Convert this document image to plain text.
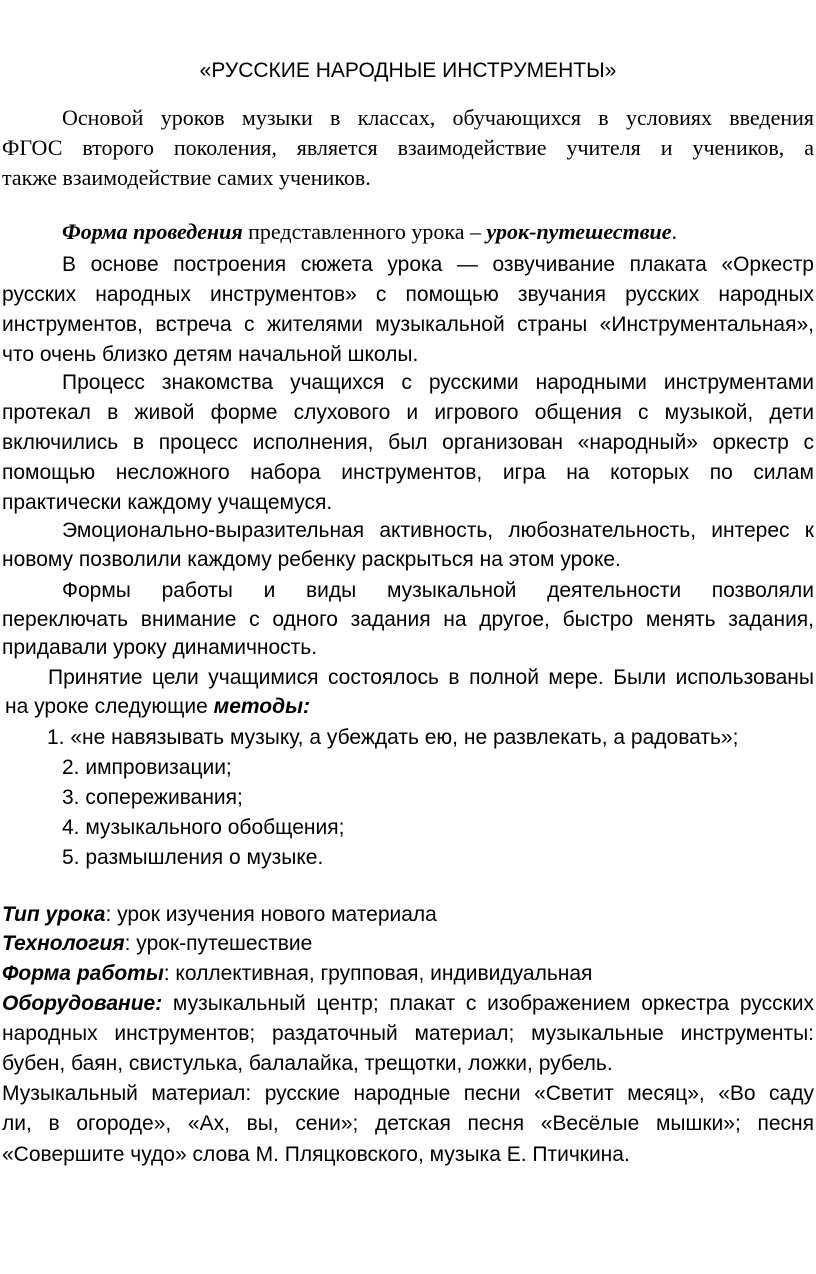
«РУССКИЕ НАРОДНЫЕ ИНСТРУМЕНТЫ»
Основой уроков музыки в классах, обучающихся в условиях введения
ФГОС второго поколения, является взаимодействие учителя и учеников, а
также взаимодействие самих учеников.
Форма проведения представленного урока – урок-путешествие.
В основе построения сюжета урока — озвучивание плаката «Оркестр
русских народных инструментов» с помощью звучания русских народных
инструментов, встреча с жителями музыкальной страны «Инструментальная»,
что очень близко детям начальной школы.
Процесс знакомства учащихся с русскими народными инструментами
протекал в живой форме слухового и игрового общения с музыкой, дети
включились в процесс исполнения, был организован «народный» оркестр с
помощью несложного набора инструментов, игра на которых по силам
практически каждому учащемуся.
Эмоционально-выразительная активность, любознательность, интерес к
новому позволили каждому ребенку раскрыться на этом уроке.
Формы работы и виды музыкальной деятельности позволяли
переключать внимание с одного задания на другое, быстро менять задания,
придавали уроку динамичность.
Принятие цели учащимися состоялось в полной мере. Были использованы
на уроке следующие методы:
1. «не навязывать музыку, а убеждать ею, не развлекать, а радовать»;
2. импровизации;
3. сопереживания;
4. музыкального обобщения;
5. размышления о музыке.
Тип урока: урок изучения нового материала
Технология: урок-путешествие
Форма работы: коллективная, групповая, индивидуальная
Оборудование: музыкальный центр; плакат с изображением оркестра русских
народных инструментов; раздаточный материал; музыкальные инструменты:
бубен, баян, свистулька, балалайка, трещотки, ложки, рубель.
Музыкальный материал: русские народные песни «Светит месяц», «Во саду
ли, в огороде», «Ах, вы, сени»; детская песня «Весёлые мышки»; песня
«Совершите чудо» слова М. Пляцковского, музыка Е. Птичкина.
